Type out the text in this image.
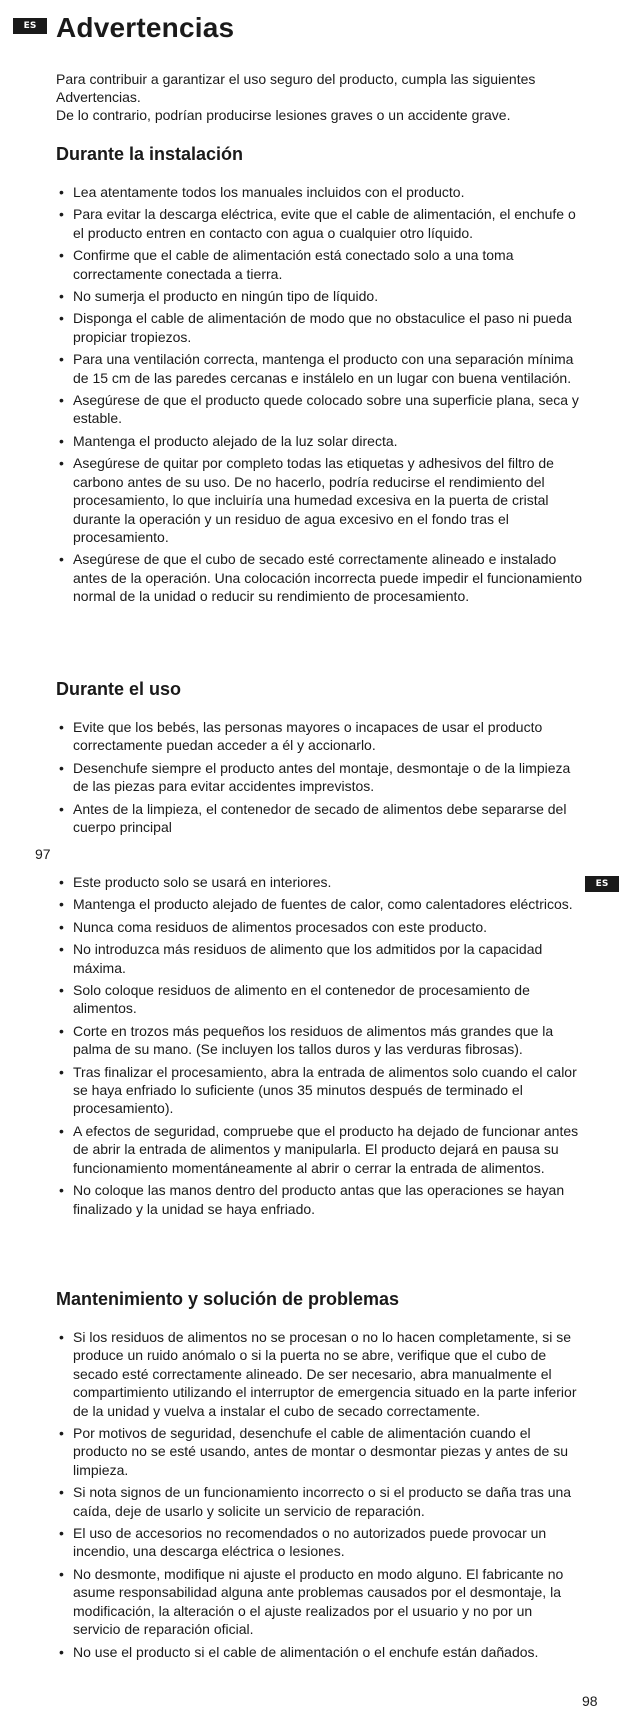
ES Advertencias
Para contribuir a garantizar el uso seguro del producto, cumpla las siguientes Advertencias.
De lo contrario, podrían producirse lesiones graves o un accidente grave.
Durante la instalación
• Lea atentamente todos los manuales incluidos con el producto.
• Para evitar la descarga eléctrica, evite que el cable de alimentación, el enchufe o el producto entren en contacto con agua o cualquier otro líquido.
• Confirme que el cable de alimentación está conectado solo a una toma correctamente conectada a tierra.
• No sumerja el producto en ningún tipo de líquido.
• Disponga el cable de alimentación de modo que no obstaculice el paso ni pueda propiciar tropiezos.
• Para una ventilación correcta, mantenga el producto con una separación mínima de 15 cm de las paredes cercanas e instálelo en un lugar con buena ventilación.
• Asegúrese de que el producto quede colocado sobre una superficie plana, seca y estable.
• Mantenga el producto alejado de la luz solar directa.
• Asegúrese de quitar por completo todas las etiquetas y adhesivos del filtro de carbono antes de su uso. De no hacerlo, podría reducirse el rendimiento del procesamiento, lo que incluiría una humedad excesiva en la puerta de cristal durante la operación y un residuo de agua excesivo en el fondo tras el procesamiento.
• Asegúrese de que el cubo de secado esté correctamente alineado e instalado antes de la operación. Una colocación incorrecta puede impedir el funcionamiento normal de la unidad o reducir su rendimiento de procesamiento.
Durante el uso
• Evite que los bebés, las personas mayores o incapaces de usar el producto correctamente puedan acceder a él y accionarlo.
• Desenchufe siempre el producto antes del montaje, desmontaje o de la limpieza de las piezas para evitar accidentes imprevistos.
• Antes de la limpieza, el contenedor de secado de alimentos debe separarse del cuerpo principal
97
ES
• Este producto solo se usará en interiores.
• Mantenga el producto alejado de fuentes de calor, como calentadores eléctricos.
• Nunca coma residuos de alimentos procesados con este producto.
• No introduzca más residuos de alimento que los admitidos por la capacidad máxima.
• Solo coloque residuos de alimento en el contenedor de procesamiento de alimentos.
• Corte en trozos más pequeños los residuos de alimentos más grandes que la palma de su mano. (Se incluyen los tallos duros y las verduras fibrosas).
• Tras finalizar el procesamiento, abra la entrada de alimentos solo cuando el calor se haya enfriado lo suficiente (unos 35 minutos después de terminado el procesamiento).
• A efectos de seguridad, compruebe que el producto ha dejado de funcionar antes de abrir la entrada de alimentos y manipularla. El producto dejará en pausa su funcionamiento momentáneamente al abrir o cerrar la entrada de alimentos.
• No coloque las manos dentro del producto antas que las operaciones se hayan finalizado y la unidad se haya enfriado.
Mantenimiento y solución de problemas
• Si los residuos de alimentos no se procesan o no lo hacen completamente, si se produce un ruido anómalo o si la puerta no se abre, verifique que el cubo de secado esté correctamente alineado. De ser necesario, abra manualmente el compartimiento utilizando el interruptor de emergencia situado en la parte inferior de la unidad y vuelva a instalar el cubo de secado correctamente.
• Por motivos de seguridad, desenchufe el cable de alimentación cuando el producto no se esté usando, antes de montar o desmontar piezas y antes de su limpieza.
• Si nota signos de un funcionamiento incorrecto o si el producto se daña tras una caída, deje de usarlo y solicite un servicio de reparación.
• El uso de accesorios no recomendados o no autorizados puede provocar un incendio, una descarga eléctrica o lesiones.
• No desmonte, modifique ni ajuste el producto en modo alguno. El fabricante no asume responsabilidad alguna ante problemas causados por el desmontaje, la modificación, la alteración o el ajuste realizados por el usuario y no por un servicio de reparación oficial.
• No use el producto si el cable de alimentación o el enchufe están dañados.
98
